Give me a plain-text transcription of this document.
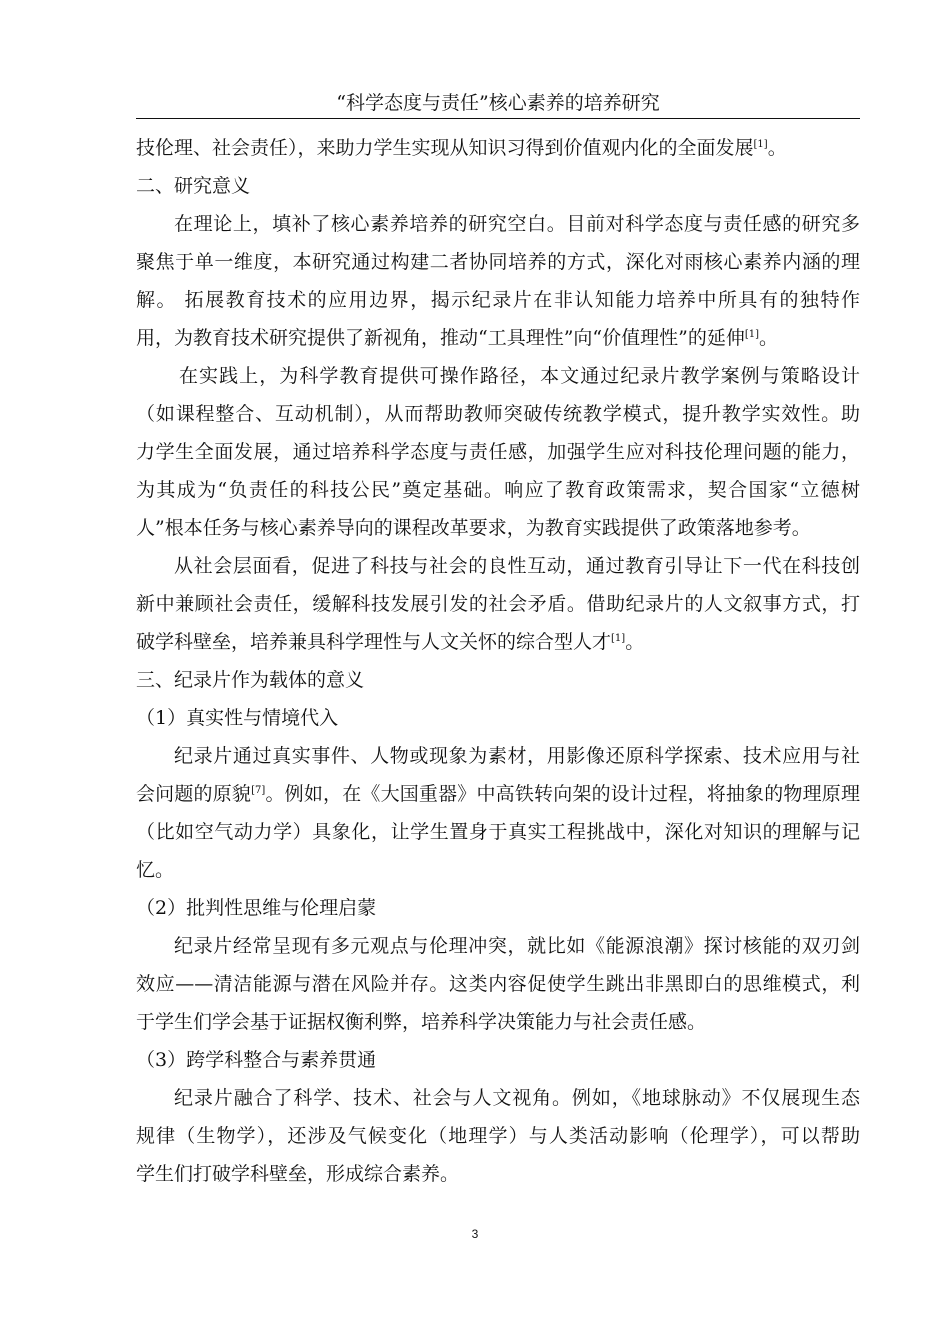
“科学态度与责任”核心素养的培养研究
技伦理、社会责任），来助力学生实现从知识习得到价值观内化的全面发展[1]。
二、研究意义
在理论上，填补了核心素养培养的研究空白。目前对科学态度与责任感的研究多
聚焦于单一维度，本研究通过构建二者协同培养的方式，深化对雨核心素养内涵的理
解。 拓展教育技术的应用边界，揭示纪录片在非认知能力培养中所具有的独特作
用，为教育技术研究提供了新视角，推动“工具理性”向“价值理性”的延伸[1]。
在实践上，为科学教育提供可操作路径，本文通过纪录片教学案例与策略设计
（如课程整合、互动机制），从而帮助教师突破传统教学模式，提升教学实效性。助
力学生全面发展，通过培养科学态度与责任感，加强学生应对科技伦理问题的能力，
为其成为“负责任的科技公民”奠定基础。响应了教育政策需求，契合国家“立德树
人”根本任务与核心素养导向的课程改革要求，为教育实践提供了政策落地参考。
从社会层面看，促进了科技与社会的良性互动，通过教育引导让下一代在科技创
新中兼顾社会责任，缓解科技发展引发的社会矛盾。借助纪录片的人文叙事方式，打
破学科壁垒，培养兼具科学理性与人文关怀的综合型人才[1]。
三、纪录片作为载体的意义
（1）真实性与情境代入
纪录片通过真实事件、人物或现象为素材，用影像还原科学探索、技术应用与社
会问题的原貌[7]。例如，在《大国重器》中高铁转向架的设计过程，将抽象的物理原理
（比如空气动力学）具象化，让学生置身于真实工程挑战中，深化对知识的理解与记
忆。
（2）批判性思维与伦理启蒙
纪录片经常呈现有多元观点与伦理冲突，就比如《能源浪潮》探讨核能的双刃剑
效应——清洁能源与潜在风险并存。这类内容促使学生跳出非黑即白的思维模式，利
于学生们学会基于证据权衡利弊，培养科学决策能力与社会责任感。
（3）跨学科整合与素养贯通
纪录片融合了科学、技术、社会与人文视角。例如，《地球脉动》不仅展现生态
规律（生物学），还涉及气候变化（地理学）与人类活动影响（伦理学），可以帮助
学生们打破学科壁垒，形成综合素养。
3
